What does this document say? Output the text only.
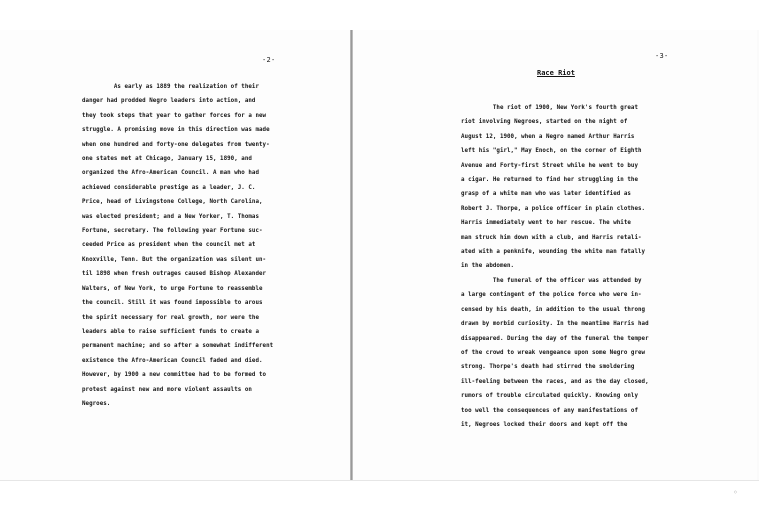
-2-
As early as 1889 the realization of their
danger had prodded Negro leaders into action, and
they took steps that year to gather forces for a new
struggle. A promising move in this direction was made
when one hundred and forty-one delegates from twenty-
one states met at Chicago, January 15, 1890, and
organized the Afro-American Council. A man who had
achieved considerable prestige as a leader, J. C.
Price, head of Livingstone College, North Carolina,
was elected president; and a New Yorker, T. Thomas
Fortune, secretary. The following year Fortune suc-
ceeded Price as president when the council met at
Knoxville, Tenn. But the organization was silent un-
til 1898 when fresh outrages caused Bishop Alexander
Walters, of New York, to urge Fortune to reassemble
the council. Still it was found impossible to arous
the spirit necessary for real growth, nor were the
leaders able to raise sufficient funds to create a
permanent machine; and so after a somewhat indifferent
existence the Afro-American Council faded and died.
However, by 1900 a new committee had to be formed to
protest against new and more violent assaults on
Negroes.
-3-
Race Riot
The riot of 1900, New York's fourth great
riot involving Negroes, started on the night of
August 12, 1900, when a Negro named Arthur Harris
left his "girl," May Enoch, on the corner of Eighth
Avenue and Forty-first Street while he went to buy
a cigar. He returned to find her struggling in the
grasp of a white man who was later identified as
Robert J. Thorpe, a police officer in plain clothes.
Harris immediately went to her rescue. The white
man struck him down with a club, and Harris retali-
ated with a penknife, wounding the white man fatally
in the abdomen.
The funeral of the officer was attended by
a large contingent of the police force who were in-
censed by his death, in addition to the usual throng
drawn by morbid curiosity. In the meantime Harris had
disappeared. During the day of the funeral the temper
of the crowd to wreak vengeance upon some Negro grew
strong. Thorpe's death had stirred the smoldering
ill-feeling between the races, and as the day closed,
rumors of trouble circulated quickly. Knowing only
too well the consequences of any manifestations of
it, Negroes locked their doors and kept off the
◦
